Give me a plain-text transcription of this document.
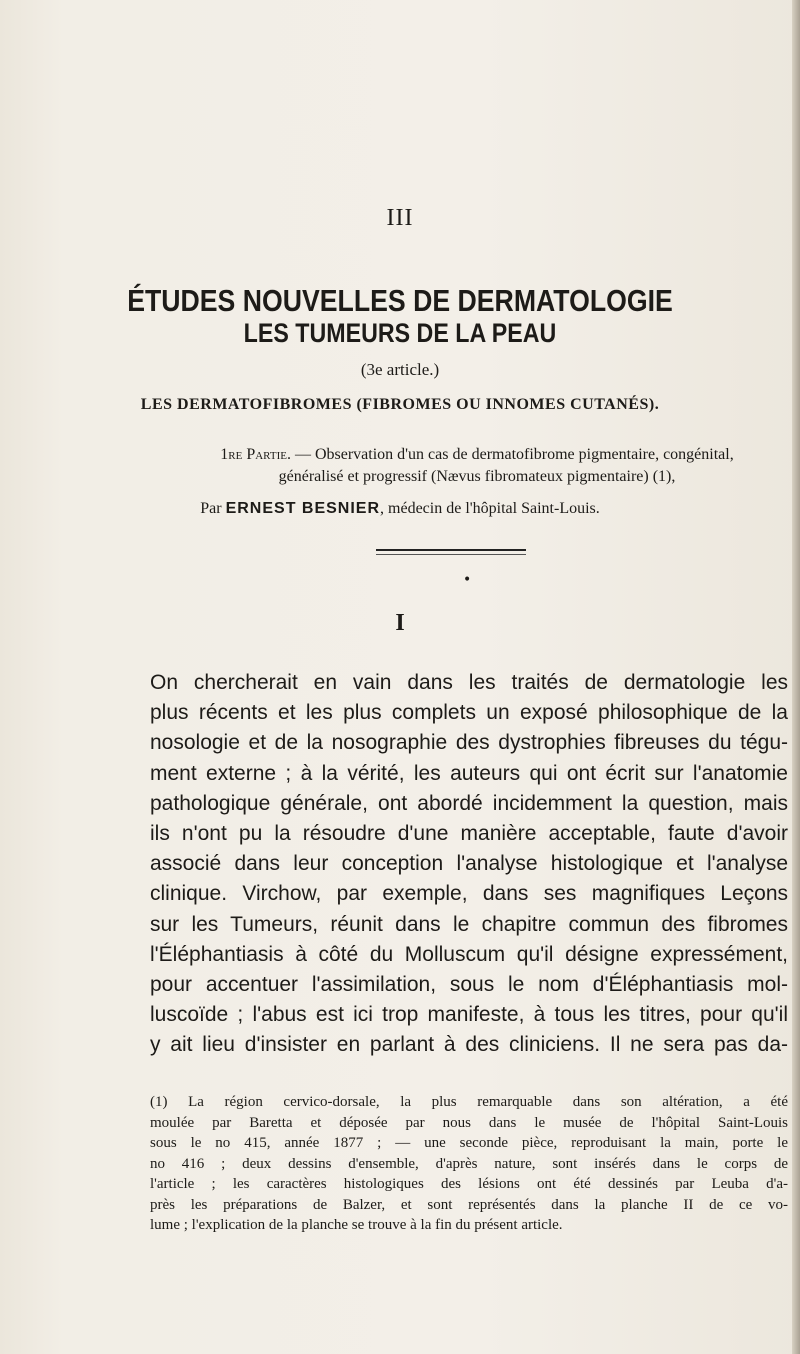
III
ÉTUDES NOUVELLES DE DERMATOLOGIE
LES TUMEURS DE LA PEAU
(3e article.)
LES DERMATOFIBROMES (FIBROMES OU INNOMES CUTANÉS).
1re Partie. — Observation d'un cas de dermatofibrome pigmentaire, congénital,
généralisé et progressif (Nævus fibromateux pigmentaire) (1),
Par ERNEST BESNIER, médecin de l'hôpital Saint-Louis.
•
I
On chercherait en vain dans les traités de dermatologie les
plus récents et les plus complets un exposé philosophique de la
nosologie et de la nosographie des dystrophies fibreuses du tégu-
ment externe ; à la vérité, les auteurs qui ont écrit sur l'anatomie
pathologique générale, ont abordé incidemment la question, mais
ils n'ont pu la résoudre d'une manière acceptable, faute d'avoir
associé dans leur conception l'analyse histologique et l'analyse
clinique. Virchow, par exemple, dans ses magnifiques Leçons
sur les Tumeurs, réunit dans le chapitre commun des fibromes
l'Éléphantiasis à côté du Molluscum qu'il désigne expressément,
pour accentuer l'assimilation, sous le nom d'Éléphantiasis mol-
luscoïde ; l'abus est ici trop manifeste, à tous les titres, pour qu'il
y ait lieu d'insister en parlant à des cliniciens. Il ne sera pas da-
(1) La région cervico-dorsale, la plus remarquable dans son altération, a été
moulée par Baretta et déposée par nous dans le musée de l'hôpital Saint-Louis
sous le no 415, année 1877 ; — une seconde pièce, reproduisant la main, porte le
no 416 ; deux dessins d'ensemble, d'après nature, sont insérés dans le corps de
l'article ; les caractères histologiques des lésions ont été dessinés par Leuba d'a-
près les préparations de Balzer, et sont représentés dans la planche II de ce vo-
lume ; l'explication de la planche se trouve à la fin du présent article.
